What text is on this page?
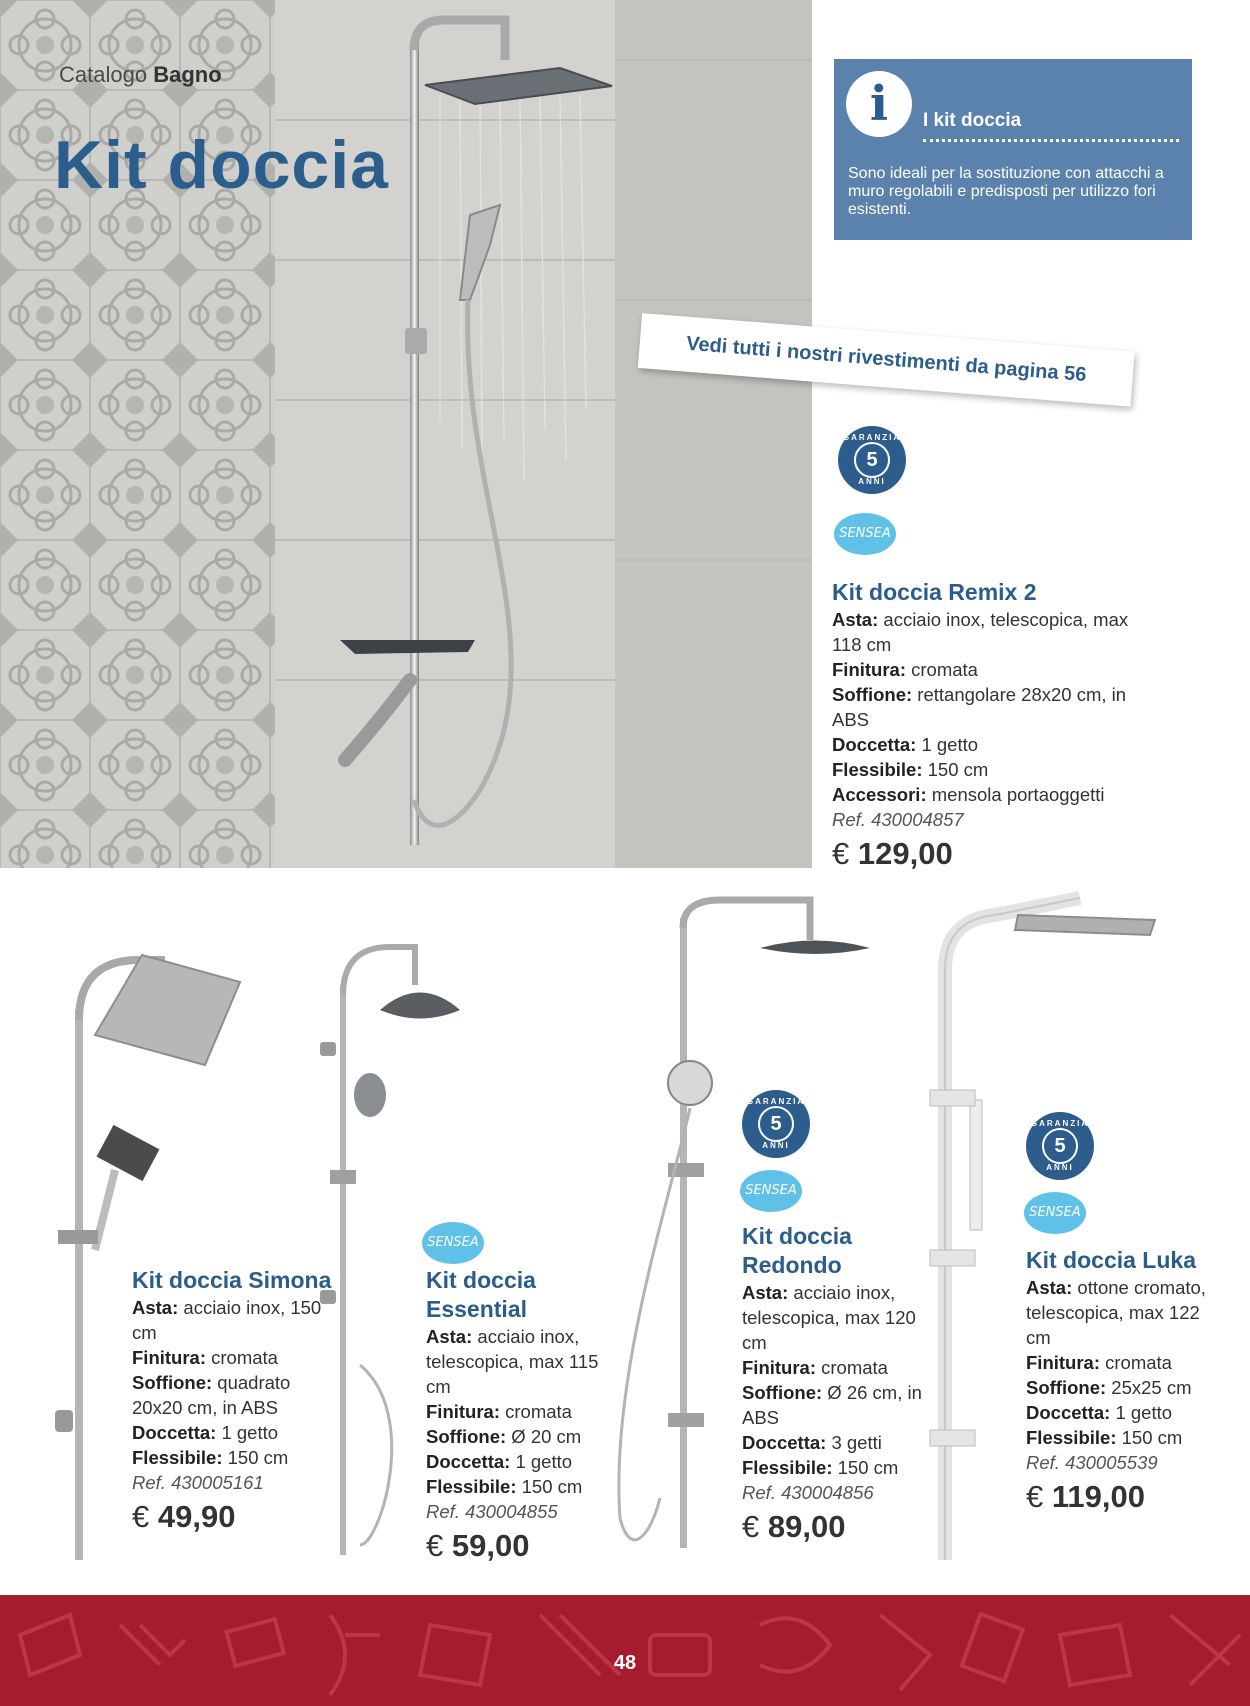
Catalogo Bagno
Kit doccia
i	I kit doccia
Sono ideali per la sostituzione con attacchi a muro regolabili e predisposti per utilizzo fori esistenti.
Vedi tutti i nostri rivestimenti da pagina 56
GARANZIA
5
ANNI
SENSEA
Kit doccia Remix 2
Asta: acciaio inox, telescopica, max 118 cm
Finitura: cromata
Soffione: rettangolare 28x20 cm, in ABS
Doccetta: 1 getto
Flessibile: 150 cm
Accessori: mensola portaoggetti
Ref. 430004857
€ 129,00
SENSEA
GARANZIA
5
ANNI
SENSEA
GARANZIA
5
ANNI
SENSEA
Kit doccia Simona
Asta: acciaio inox, 150 cm
Finitura: cromata
Soffione: quadrato 20x20 cm, in ABS
Doccetta: 1 getto
Flessibile: 150 cm
Ref. 430005161
€ 49,90
Kit doccia Essential
Asta: acciaio inox, telescopica, max 115 cm
Finitura: cromata
Soffione: Ø 20 cm
Doccetta: 1 getto
Flessibile: 150 cm
Ref. 430004855
€ 59,00
Kit doccia Redondo
Asta: acciaio inox, telescopica, max 120 cm
Finitura: cromata
Soffione: Ø 26 cm, in ABS
Doccetta: 3 getti
Flessibile: 150 cm
Ref. 430004856
€ 89,00
Kit doccia Luka
Asta: ottone cromato, telescopica, max 122 cm
Finitura: cromata
Soffione: 25x25 cm
Doccetta: 1 getto
Flessibile: 150 cm
Ref. 430005539
€ 119,00
48
